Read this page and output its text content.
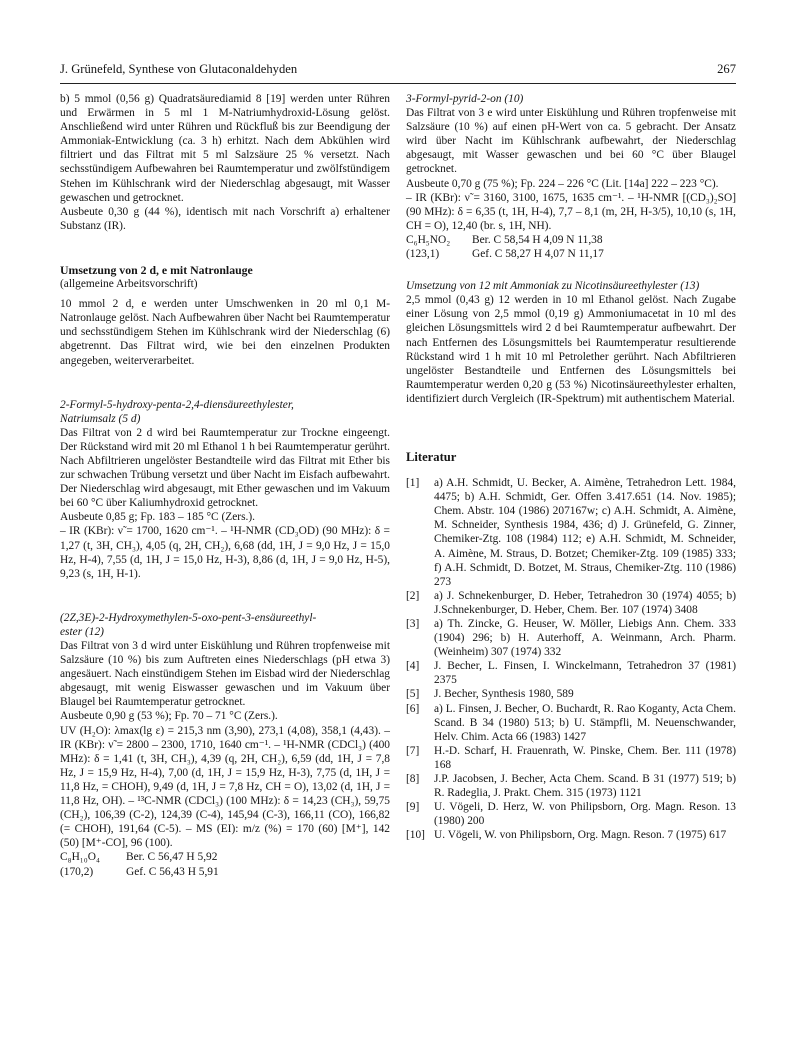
J. Grünefeld, Synthese von Glutaconaldehyden	267

b) 5 mmol (0,56 g) Quadratsäurediamid 8 [19] werden unter Rühren und Erwärmen in 5 ml 1 M-Natriumhydroxid-Lösung gelöst. Anschließend wird unter Rühren und Rückfluß bis zur Beendigung der Ammoniak-Entwicklung (ca. 3 h) erhitzt. Nach dem Abkühlen wird filtriert und das Filtrat mit 5 ml Salzsäure 25 % versetzt. Nach sechsstündigem Aufbewahren bei Raumtemperatur und zwölfstündigem Stehen im Kühlschrank wird der Niederschlag abgesaugt, mit Wasser gewaschen und getrocknet.

Ausbeute 0,30 g (44 %), identisch mit nach Vorschrift a) erhaltener Substanz (IR).

Umsetzung von 2 d, e mit Natronlauge

(allgemeine Arbeitsvorschrift)

10 mmol 2 d, e werden unter Umschwenken in 20 ml 0,1 M-Natronlauge gelöst. Nach Aufbewahren über Nacht bei Raumtemperatur und sechsstündigem Stehen im Kühlschrank wird der Niederschlag (6) abgetrennt. Das Filtrat wird, wie bei den einzelnen Produkten angegeben, weiterverarbeitet.

2-Formyl-5-hydroxy-penta-2,4-diensäureethylester,
Natriumsalz (5 d)

Das Filtrat von 2 d wird bei Raumtemperatur zur Trockne eingeengt. Der Rückstand wird mit 20 ml Ethanol 1 h bei Raumtemperatur gerührt. Nach Abfiltrieren ungelöster Bestandteile wird das Filtrat mit Ether bis zur schwachen Trübung versetzt und über Nacht im Eisfach aufbewahrt. Der Niederschlag wird abgesaugt, mit Ether gewaschen und im Vakuum bei 60 °C über Kaliumhydroxid getrocknet.

Ausbeute 0,85 g; Fp. 183 – 185 °C (Zers.).

– IR (KBr): ν̃ = 1700, 1620 cm⁻¹. – ¹H-NMR (CD₃OD) (90 MHz): δ = 1,27 (t, 3H, CH₃), 4,05 (q, 2H, CH₂), 6,68 (dd, 1H, J = 9,0 Hz, J = 15,0 Hz, H-4), 7,55 (d, 1H, J = 15,0 Hz, H-3), 8,86 (d, 1H, J = 9,0 Hz, H-5), 9,23 (s, 1H, H-1).

(2Z,3E)-2-Hydroxymethylen-5-oxo-pent-3-ensäureethyl-
ester (12)

Das Filtrat von 3 d wird unter Eiskühlung und Rühren tropfenweise mit Salzsäure (10 %) bis zum Auftreten eines Niederschlags (pH etwa 3) angesäuert. Nach einstündigem Stehen im Eisbad wird der Niederschlag abgesaugt, mit wenig Eiswasser gewaschen und im Vakuum über Blaugel bei Raumtemperatur getrocknet.

Ausbeute 0,90 g (53 %); Fp. 70 – 71 °C (Zers.).

UV (H₂O): λmax(lg ε) = 215,3 nm (3,90), 273,1 (4,08), 358,1 (4,43). – IR (KBr): ν̃ = 2800 – 2300, 1710, 1640 cm⁻¹. – ¹H-NMR (CDCl₃) (400 MHz): δ = 1,41 (t, 3H, CH₃), 4,39 (q, 2H, CH₂), 6,59 (dd, 1H, J = 7,8 Hz, J = 15,9 Hz, H-4), 7,00 (d, 1H, J = 15,9 Hz, H-3), 7,75 (d, 1H, J = 11,8 Hz, = CHOH), 9,49 (d, 1H, J = 7,8 Hz, CH = O), 13,02 (d, 1H, J = 11,8 Hz, OH). – ¹³C-NMR (CDCl₃) (100 MHz): δ = 14,23 (CH₃), 59,75 (CH₂), 106,39 (C-2), 124,39 (C-4), 145,94 (C-3), 166,11 (CO), 166,82 (= CHOH), 191,64 (C-5). – MS (EI): m/z (%) = 170 (60) [M⁺], 142 (50) [M⁺-CO], 96 (100).

C₈H₁₀O₄	Ber. C 56,47 H 5,92
(170,2)	Gef. C 56,43 H 5,91

3-Formyl-pyrid-2-on (10)

Das Filtrat von 3 e wird unter Eiskühlung und Rühren tropfenweise mit Salzsäure (10 %) auf einen pH-Wert von ca. 5 gebracht. Der Ansatz wird über Nacht im Kühlschrank aufbewahrt, der Niederschlag abgesaugt, mit Wasser gewaschen und bei 60 °C über Blaugel getrocknet.

Ausbeute 0,70 g (75 %); Fp. 224 – 226 °C (Lit. [14a] 222 – 223 °C).

– IR (KBr): ν̃ = 3160, 3100, 1675, 1635 cm⁻¹. – ¹H-NMR [(CD₃)₂SO] (90 MHz): δ = 6,35 (t, 1H, H-4), 7,7 – 8,1 (m, 2H, H-3/5), 10,10 (s, 1H, CH = O), 12,40 (br. s, 1H, NH).

C₆H₅NO₂	Ber. C 58,54 H 4,09 N 11,38
(123,1)	Gef. C 58,27 H 4,07 N 11,17

Umsetzung von 12 mit Ammoniak zu Nicotinsäureethylester (13)

2,5 mmol (0,43 g) 12 werden in 10 ml Ethanol gelöst. Nach Zugabe einer Lösung von 2,5 mmol (0,19 g) Ammoniumacetat in 10 ml des gleichen Lösungsmittels wird 2 d bei Raumtemperatur aufbewahrt. Der nach Entfernen des Lösungsmittels bei Raumtemperatur resultierende Rückstand wird 1 h mit 10 ml Petrolether gerührt. Nach Abfiltrieren ungelöster Bestandteile und Entfernen des Lösungsmittels bei Raumtemperatur werden 0,20 g (53 %) Nicotinsäureethylester erhalten, identifiziert durch Vergleich (IR-Spektrum) mit authentischem Material.

Literatur

[1] a) A.H. Schmidt, U. Becker, A. Aimène, Tetrahedron Lett. 1984, 4475; b) A.H. Schmidt, Ger. Offen 3.417.651 (14. Nov. 1985); Chem. Abstr. 104 (1986) 207167w; c) A.H. Schmidt, A. Aimène, M. Schneider, Synthesis 1984, 436; d) J. Grünefeld, G. Zinner, Chemiker-Ztg. 108 (1984) 112; e) A.H. Schmidt, M. Schneider, A. Aimène, M. Straus, D. Botzet; Chemiker-Ztg. 109 (1985) 333; f) A.H. Schmidt, D. Botzet, M. Straus, Chemiker-Ztg. 110 (1986) 273
[2] a) J. Schnekenburger, D. Heber, Tetrahedron 30 (1974) 4055; b) J.Schnekenburger, D. Heber, Chem. Ber. 107 (1974) 3408
[3] a) Th. Zincke, G. Heuser, W. Möller, Liebigs Ann. Chem. 333 (1904) 296; b) H. Auterhoff, A. Weinmann, Arch. Pharm. (Weinheim) 307 (1974) 332
[4] J. Becher, L. Finsen, I. Winckelmann, Tetrahedron 37 (1981) 2375
[5] J. Becher, Synthesis 1980, 589
[6] a) L. Finsen, J. Becher, O. Buchardt, R. Rao Koganty, Acta Chem. Scand. B 34 (1980) 513; b) U. Stämpfli, M. Neuenschwander, Helv. Chim. Acta 66 (1983) 1427
[7] H.-D. Scharf, H. Frauenrath, W. Pinske, Chem. Ber. 111 (1978) 168
[8] J.P. Jacobsen, J. Becher, Acta Chem. Scand. B 31 (1977) 519; b) R. Radeglia, J. Prakt. Chem. 315 (1973) 1121
[9] U. Vögeli, D. Herz, W. von Philipsborn, Org. Magn. Reson. 13 (1980) 200
[10] U. Vögeli, W. von Philipsborn, Org. Magn. Reson. 7 (1975) 617
